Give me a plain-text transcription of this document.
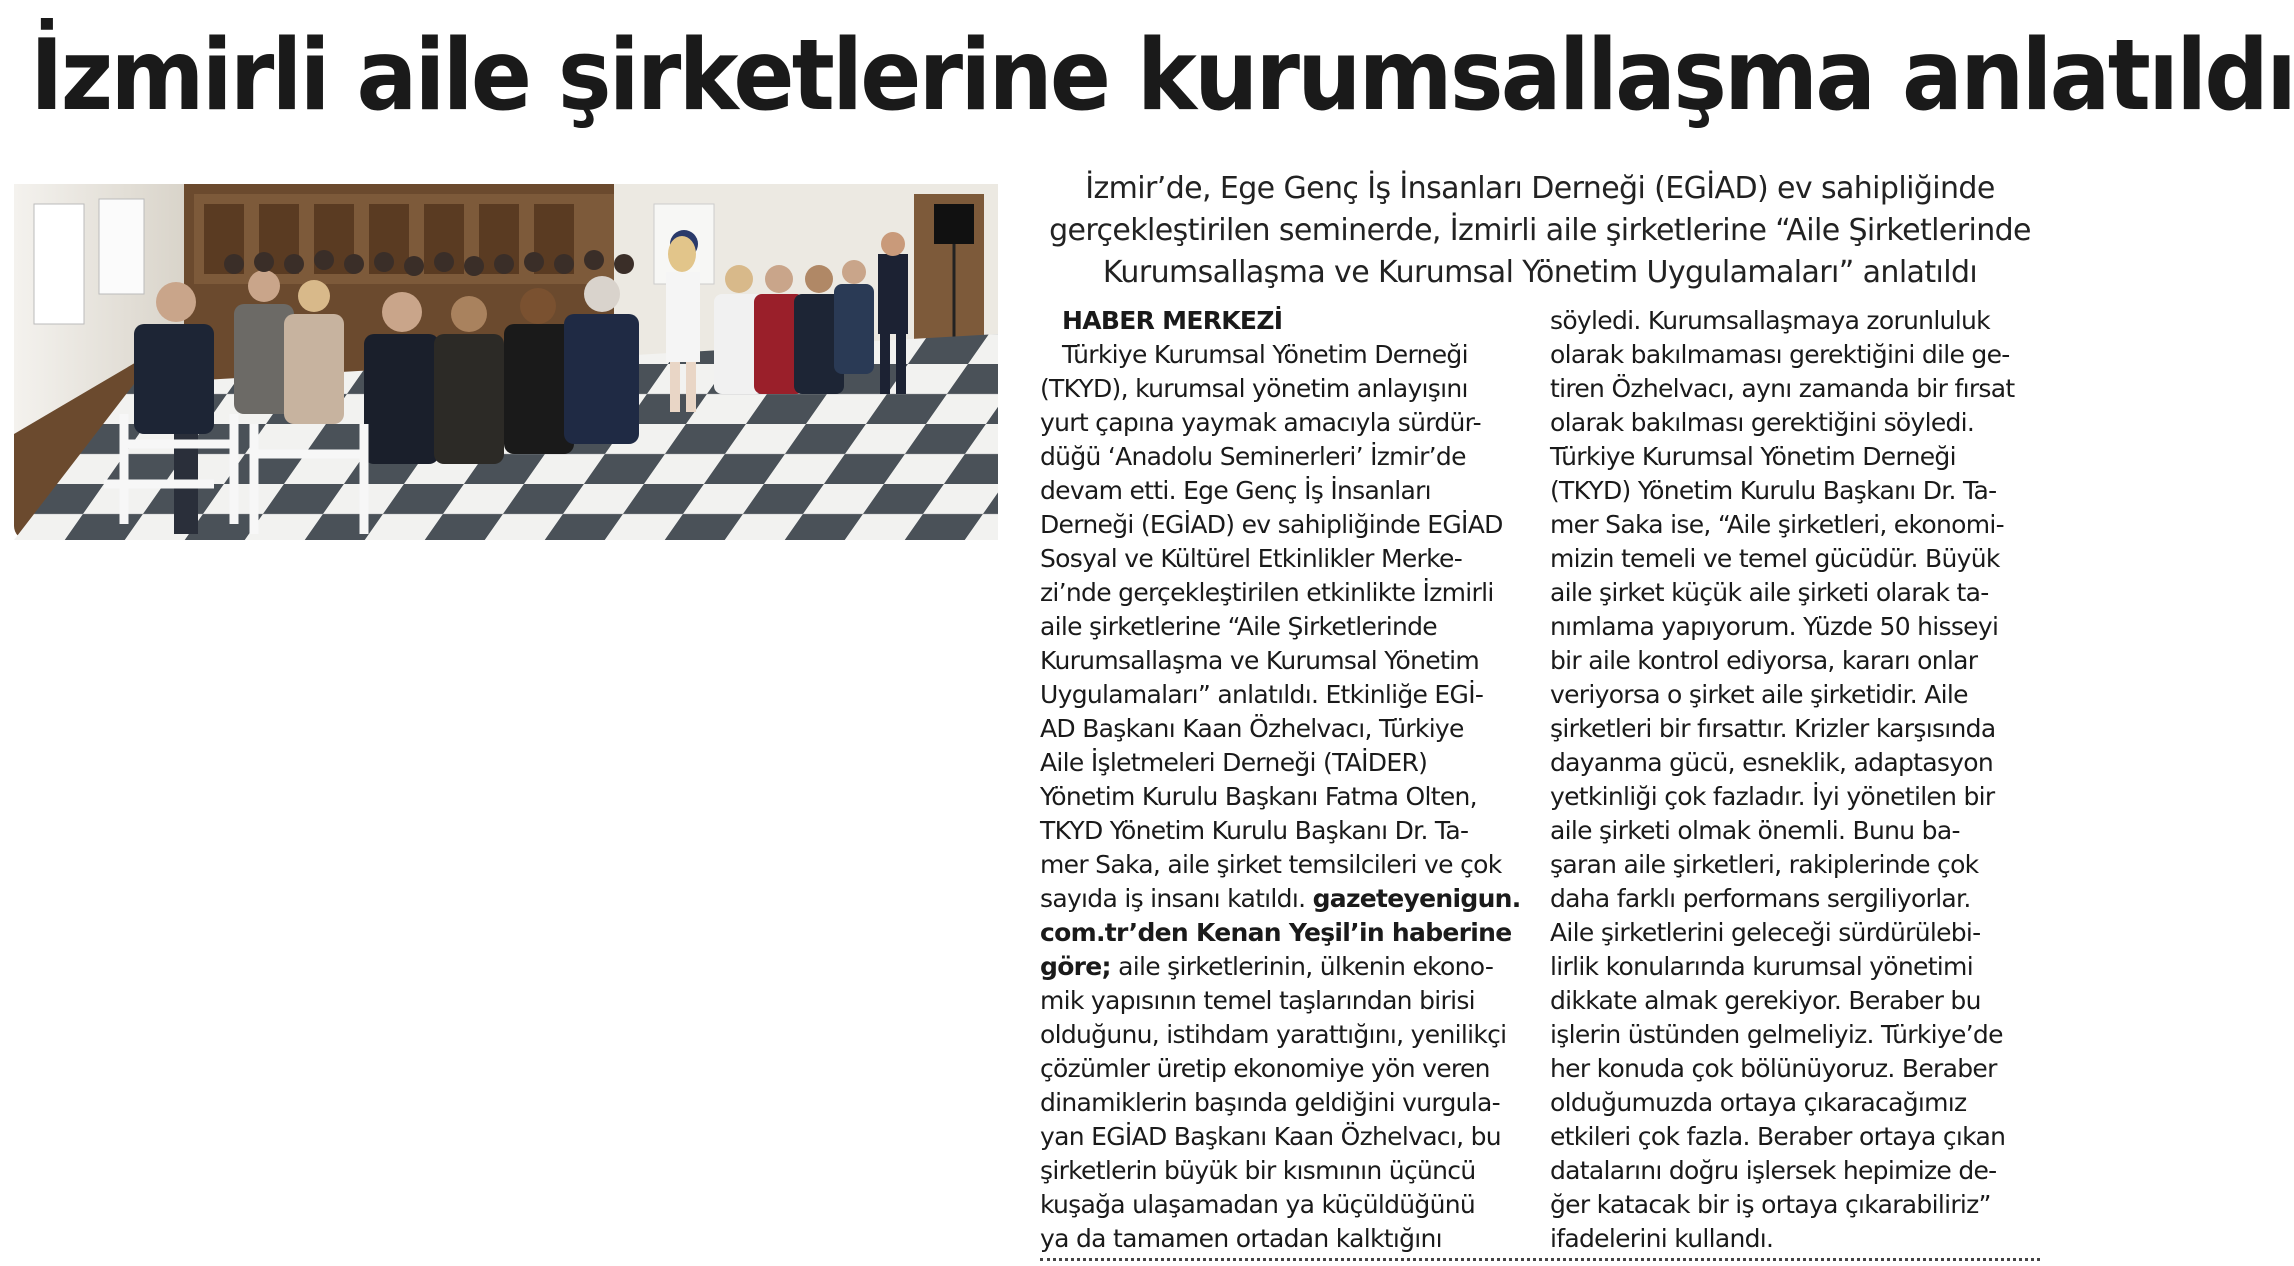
İzmirli aile şirketlerine kurumsallaşma anlatıldı

İzmir’de, Ege Genç İş İnsanları Derneği (EGİAD) ev sahipliğinde
gerçekleştirilen seminerde, İzmirli aile şirketlerine “Aile Şirketlerinde
Kurumsallaşma ve Kurumsal Yönetim Uygulamaları” anlatıldı

HABER MERKEZİ
Türkiye Kurumsal Yönetim Derneği
(TKYD), kurumsal yönetim anlayışını
yurt çapına yaymak amacıyla sürdür-
düğü ‘Anadolu Seminerleri’ İzmir’de
devam etti. Ege Genç İş İnsanları
Derneği (EGİAD) ev sahipliğinde EGİAD
Sosyal ve Kültürel Etkinlikler Merke-
zi’nde gerçekleştirilen etkinlikte İzmirli
aile şirketlerine “Aile Şirketlerinde
Kurumsallaşma ve Kurumsal Yönetim
Uygulamaları” anlatıldı. Etkinliğe EGİ-
AD Başkanı Kaan Özhelvacı, Türkiye
Aile İşletmeleri Derneği (TAİDER)
Yönetim Kurulu Başkanı Fatma Olten,
TKYD Yönetim Kurulu Başkanı Dr. Ta-
mer Saka, aile şirket temsilcileri ve çok
sayıda iş insanı katıldı. gazeteyenigun.
com.tr’den Kenan Yeşil’in haberine
göre; aile şirketlerinin, ülkenin ekono-
mik yapısının temel taşlarından birisi
olduğunu, istihdam yarattığını, yenilikçi
çözümler üretip ekonomiye yön veren
dinamiklerin başında geldiğini vurgula-
yan EGİAD Başkanı Kaan Özhelvacı, bu
şirketlerin büyük bir kısmının üçüncü
kuşağa ulaşamadan ya küçüldüğünü
ya da tamamen ortadan kalktığını
söyledi. Kurumsallaşmaya zorunluluk
olarak bakılmaması gerektiğini dile ge-
tiren Özhelvacı, aynı zamanda bir fırsat
olarak bakılması gerektiğini söyledi.
Türkiye Kurumsal Yönetim Derneği
(TKYD) Yönetim Kurulu Başkanı Dr. Ta-
mer Saka ise, “Aile şirketleri, ekonomi-
mizin temeli ve temel gücüdür. Büyük
aile şirket küçük aile şirketi olarak ta-
nımlama yapıyorum. Yüzde 50 hisseyi
bir aile kontrol ediyorsa, kararı onlar
veriyorsa o şirket aile şirketidir. Aile
şirketleri bir fırsattır. Krizler karşısında
dayanma gücü, esneklik, adaptasyon
yetkinliği çok fazladır. İyi yönetilen bir
aile şirketi olmak önemli. Bunu ba-
şaran aile şirketleri, rakiplerinde çok
daha farklı performans sergiliyorlar.
Aile şirketlerini geleceği sürdürülebi-
lirlik konularında kurumsal yönetimi
dikkate almak gerekiyor. Beraber bu
işlerin üstünden gelmeliyiz. Türkiye’de
her konuda çok bölünüyoruz. Beraber
olduğumuzda ortaya çıkaracağımız
etkileri çok fazla. Beraber ortaya çıkan
datalarını doğru işlersek hepimize de-
ğer katacak bir iş ortaya çıkarabiliriz”
ifadelerini kullandı.
